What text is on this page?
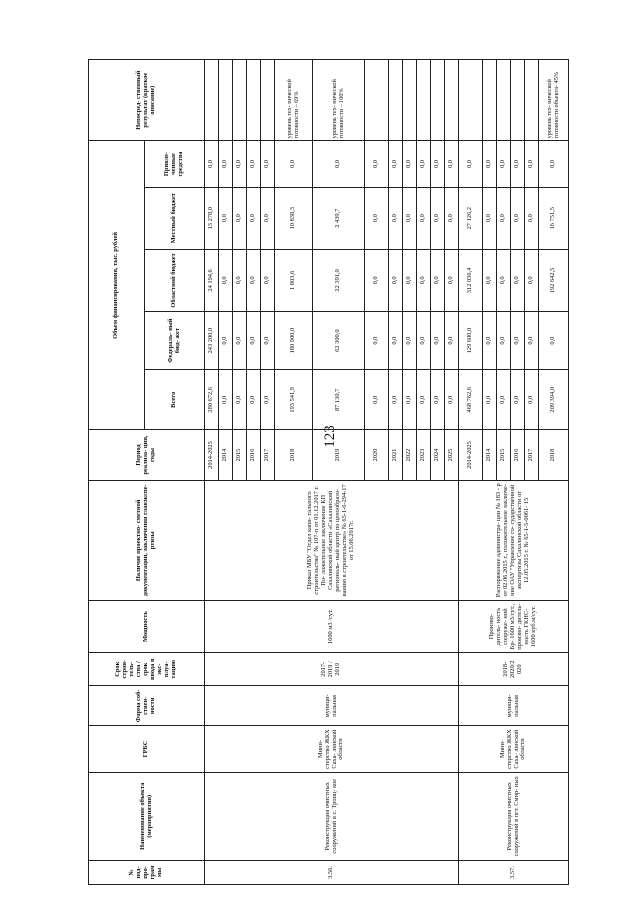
123
№ под- про- грам мы	Наименование объекта (мероприятия)	ГРБС	Форма соб- ствен- ности	Срок строи- тель- ства / срок ввода в экс- плуа- тацию	Мощность	Наличие проектно- сметной документации, заключения главэкспе- ртизы	Период реализа- ции, годы	Объем финансирования, тыс. рублей					Непосред- ственный результат (краткое описание)
								Всего	Федераль- ный бюд- жет	Областной бюджет	Местный бюджет	Привле- ченные средства	
3.56.	Реконструкция очистных сооружений в с. Троиц- кое	Мини- стерство ЖКХ Саха- линской области	муници- пальная	2017- 2019 / 2019	1600 м3 /сут.	Приказ МБУ "Отдел капи- тального строительства" № 107-п от 01.12.2017 г. По- ложительное заключение КП Сахалинской области «Сахалинский региональ- ный центр по ценообразо- ванию в строительстве» № 65-1-6-294-17 от 15.06.2017г.	2014-2025	280 672,6	243 200,0	24 194,6	13 278,0	0,0	
							2014	0,0	0,0	0,0	0,0	0,0	
							2015	0,0	0,0	0,0	0,0	0,0	
							2016	0,0	0,0	0,0	0,0	0,0	
							2017	0,0	0,0	0,0	0,0	0,0	
							2018	193 541,9	180 900,0	1 803,6	10 838,3	0,0	уровень тех- нической готовности – 69%
							2019	87 130,7	62 300,0	22 391,0	2 439,7	0,0	уровень тех- нической готовности – 100%
							2020	0,0	0,0	0,0	0,0	0,0	
							2021	0,0	0,0	0,0	0,0	0,0	
							2022	0,0	0,0	0,0	0,0	0,0	
							2023	0,0	0,0	0,0	0,0	0,0	
							2024	0,0	0,0	0,0	0,0	0,0	
							2025	0,0	0,0	0,0	0,0	0,0	
3.57.	Реконструкция очистных сооружений в пгт. Смир- ных	Мини- стерство ЖКХ Саха- линской области	муници- пальная	2018- 2020/2 020	Произво- дитель- ность сооруже- ний Бр- 1600 м3/сут., произво- дитель- ность ГКНС- 1600 куб.м/сут.	Распоряжение администра- ции № 183 - р от 02.06.2015 г., положительное заключе- ние ОАУ "Управление го- сударственной экспертизы Сахалинской области от 12.05.2015 г. № 65-1-5-0061- 15	2014-2025	468 762,6	129 600,0	312 036,4	27 126,2	0,0	
							2014	0,0	0,0	0,0	0,0	0,0	
							2015	0,0	0,0	0,0	0,0	0,0	
							2016	0,0	0,0	0,0	0,0	0,0	
							2017	0,0	0,0	0,0	0,0	0,0	
							2018	209 394,0	0,0	192 642,5	16 751,5	0,0	уровень тех- нической готовности объекта- 45%
